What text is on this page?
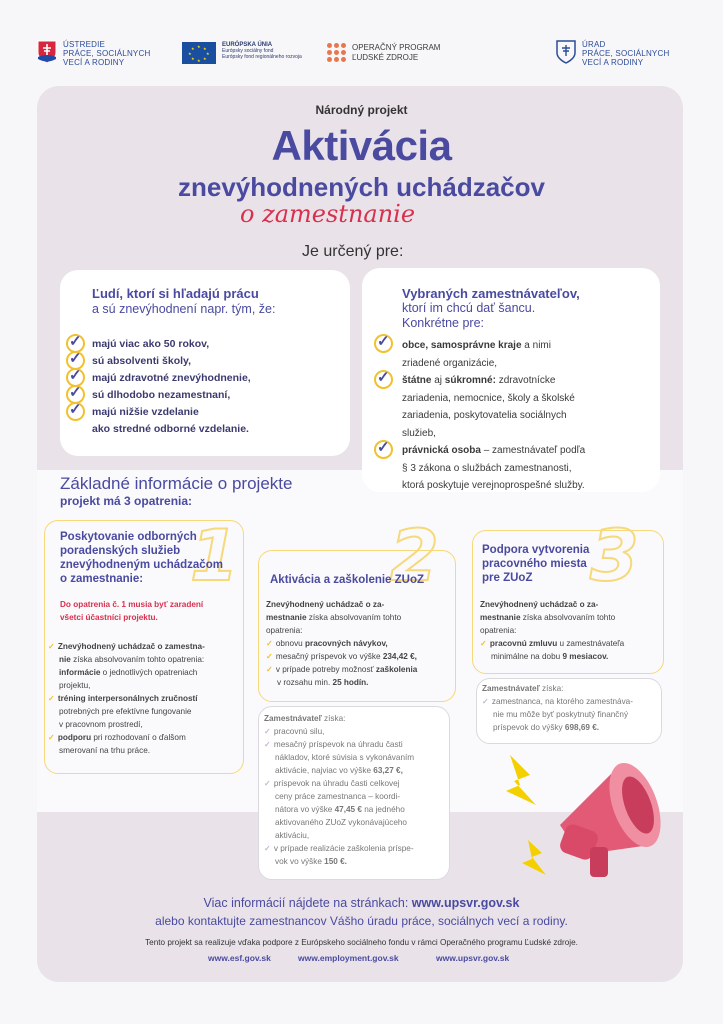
ÚSTREDIE
PRÁCE, SOCIÁLNYCH
VECÍ A RODINY
★ ★
★
★
★
★
★
★
EURÓPSKA ÚNIA
Európsky sociálny fond
Európsky fond regionálneho rozvoja
OPERAČNÝ PROGRAM
ĽUDSKÉ ZDROJE
ÚRAD
PRÁCE, SOCIÁLNYCH
VECÍ A RODINY
Národný projekt
Aktivácia
znevýhodnených uchádzačov
o zamestnanie
Je určený pre:
Ľudí, ktorí si hľadajú prácu
a sú znevýhodnení napr. tým, že:
✓
✓
✓
✓
✓
majú viac ako 50 rokov,
sú absolventi školy,
majú zdravotné znevýhodnenie,
sú dlhodobo nezamestnaní,
majú nižšie vzdelanie
ako stredné odborné vzdelanie.
Vybraných zamestnávateľov,
ktorí im chcú dať šancu.
Konkrétne pre:
✓
✓
✓
obce, samosprávne kraje a nimi
zriadené organizácie,
štátne aj súkromné: zdravotnícke
zariadenia, nemocnice, školy a školské
zariadenia, poskytovatelia sociálnych
služieb,
právnická osoba – zamestnávateľ podľa
§ 3 zákona o službách zamestnanosti,
ktorá poskytuje verejnoprospešné služby.
Základné informácie o projekte
projekt má 3 opatrenia:
1
Poskytovanie odborných
poradenských služieb
znevýhodneným uchádzačom
o zamestnanie:
Do opatrenia č. 1 musia byť zaradení
všetci účastníci projektu.
✓ Znevýhodnený uchádzač o zamestna-
nie získa absolvovaním tohto opatrenia:
informácie o jednotlivých opatreniach
projektu,
✓ tréning interpersonálnych zručností
potrebných pre efektívne fungovanie
v pracovnom prostredí,
✓ podporu pri rozhodovaní o ďalšom
smerovaní na trhu práce.
2
Aktivácia a zaškolenie ZUoZ
Znevýhodnený uchádzač o za-
mestnanie získa absolvovaním tohto
opatrenia:
✓ obnovu pracovných návykov,
✓ mesačný príspevok vo výške 234,42 €,
✓ v prípade potreby možnosť zaškolenia
v rozsahu min. 25 hodín.
Zamestnávateľ získa:
✓ pracovnú silu,
✓ mesačný príspevok na úhradu časti
nákladov, ktoré súvisia s vykonávaním
aktivácie, najviac vo výške 63,27 €,
✓ príspevok na úhradu časti celkovej
ceny práce zamestnanca – koordi-
nátora vo výške 47,45 € na jedného
aktivovaného ZUoZ vykonávajúceho
aktiváciu,
✓ v prípade realizácie zaškolenia príspe-
vok vo výške 150 €.
3
Podpora vytvorenia
pracovného miesta
pre ZUoZ
Znevýhodnený uchádzač o za-
mestnanie získa absolvovaním tohto
opatrenia:
✓ pracovnú zmluvu u zamestnávateľa
minimálne na dobu 9 mesiacov.
Zamestnávateľ získa:
✓ zamestnanca, na ktorého zamestnáva-
nie mu môže byť poskytnutý finančný
príspevok do výšky 698,69 €.
Viac informácií nájdete na stránkach: www.upsvr.gov.sk
alebo kontaktujte zamestnancov Vášho úradu práce, sociálnych vecí a rodiny.
Tento projekt sa realizuje vďaka podpore z Európskeho sociálneho fondu v rámci Operačného programu Ľudské zdroje.
www.esf.gov.sk	www.employment.gov.sk	www.upsvr.gov.sk
